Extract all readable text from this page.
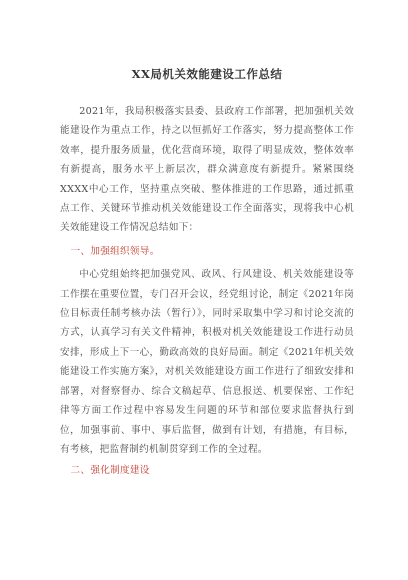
XX局机关效能建设工作总结

2021年，我局积极落实县委、县政府工作部署，把加强机关效能建设作为重点工作，持之以恒抓好工作落实，努力提高整体工作效率，提升服务质量，优化营商环境，取得了明显成效，整体效率有新提高，服务水平上新层次，群众满意度有新提升。紧紧围绕XXXX中心工作，坚持重点突破、整体推进的工作思路，通过抓重点工作、关键环节推动机关效能建设工作全面落实，现将我中心机关效能建设工作情况总结如下：

一、加强组织领导。

中心党组始终把加强党风、政风、行风建设、机关效能建设等工作摆在重要位置，专门召开会议，经党组讨论，制定《2021年岗位目标责任制考核办法（暂行）》，同时采取集中学习和讨论交流的方式，认真学习有关文件精神，积极对机关效能建设工作进行动员安排，形成上下一心，勤政高效的良好局面。制定《2021年机关效能建设工作实施方案》，对机关效能建设方面工作进行了细致安排和部署，对督察督办、综合文稿起草、信息报送、机要保密、工作纪律等方面工作过程中容易发生问题的环节和部位要求监督执行到位，加强事前、事中、事后监督，做到有计划，有措施，有目标，有考核，把监督制约机制贯穿到工作的全过程。

二、强化制度建设
